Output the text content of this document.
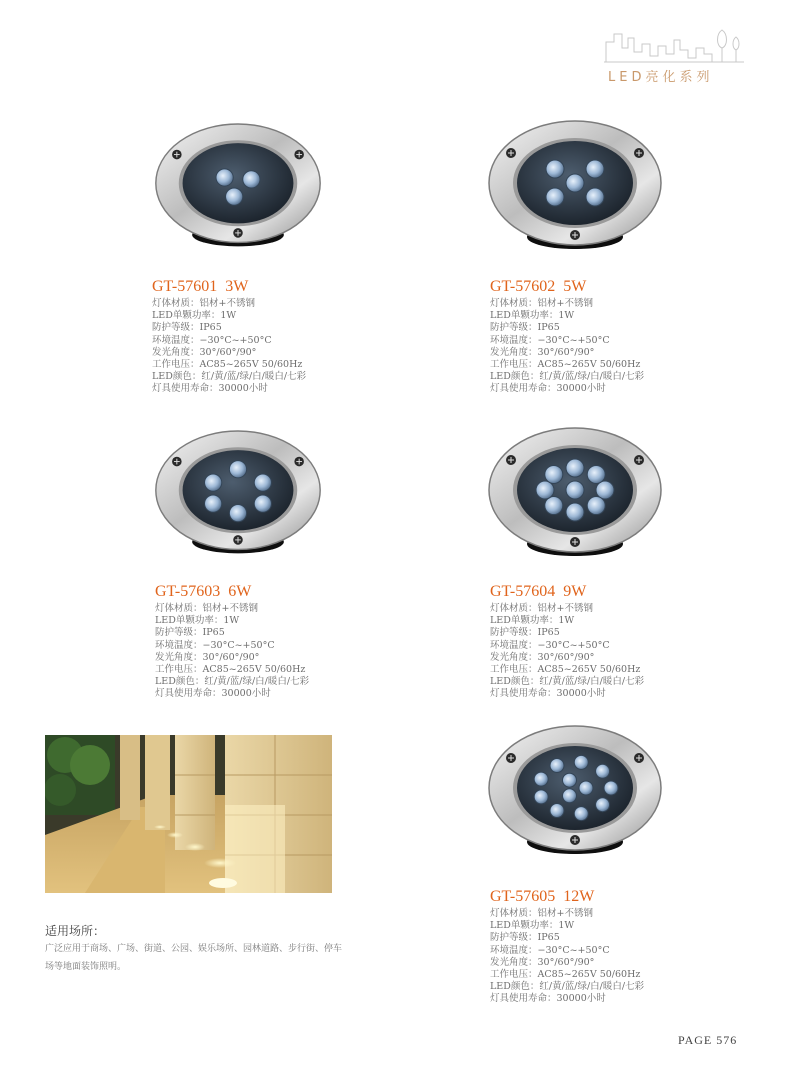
LED亮化系列
GT-57601 3W
灯体材质：铝材+不锈钢
LED单颗功率：1W
防护等级：IP65
环境温度：−30°C~+50°C
发光角度：30°/60°/90°
工作电压：AC85~265V 50/60Hz
LED颜色：红/黄/蓝/绿/白/暖白/七彩
灯具使用寿命：30000小时
GT-57602 5W
灯体材质：铝材+不锈钢
LED单颗功率：1W
防护等级：IP65
环境温度：−30°C~+50°C
发光角度：30°/60°/90°
工作电压：AC85~265V 50/60Hz
LED颜色：红/黄/蓝/绿/白/暖白/七彩
灯具使用寿命：30000小时
GT-57603 6W
灯体材质：铝材+不锈钢
LED单颗功率：1W
防护等级：IP65
环境温度：−30°C~+50°C
发光角度：30°/60°/90°
工作电压：AC85~265V 50/60Hz
LED颜色：红/黄/蓝/绿/白/暖白/七彩
灯具使用寿命：30000小时
GT-57604 9W
灯体材质：铝材+不锈钢
LED单颗功率：1W
防护等级：IP65
环境温度：−30°C~+50°C
发光角度：30°/60°/90°
工作电压：AC85~265V 50/60Hz
LED颜色：红/黄/蓝/绿/白/暖白/七彩
灯具使用寿命：30000小时
GT-57605 12W
灯体材质：铝材+不锈钢
LED单颗功率：1W
防护等级：IP65
环境温度：−30°C~+50°C
发光角度：30°/60°/90°
工作电压：AC85~265V 50/60Hz
LED颜色：红/黄/蓝/绿/白/暖白/七彩
灯具使用寿命：30000小时
适用场所：

广泛应用于商场、广场、街道、公园、娱乐场所、园林道路、步行街、停车场等地面装饰照明。

PAGE 576
